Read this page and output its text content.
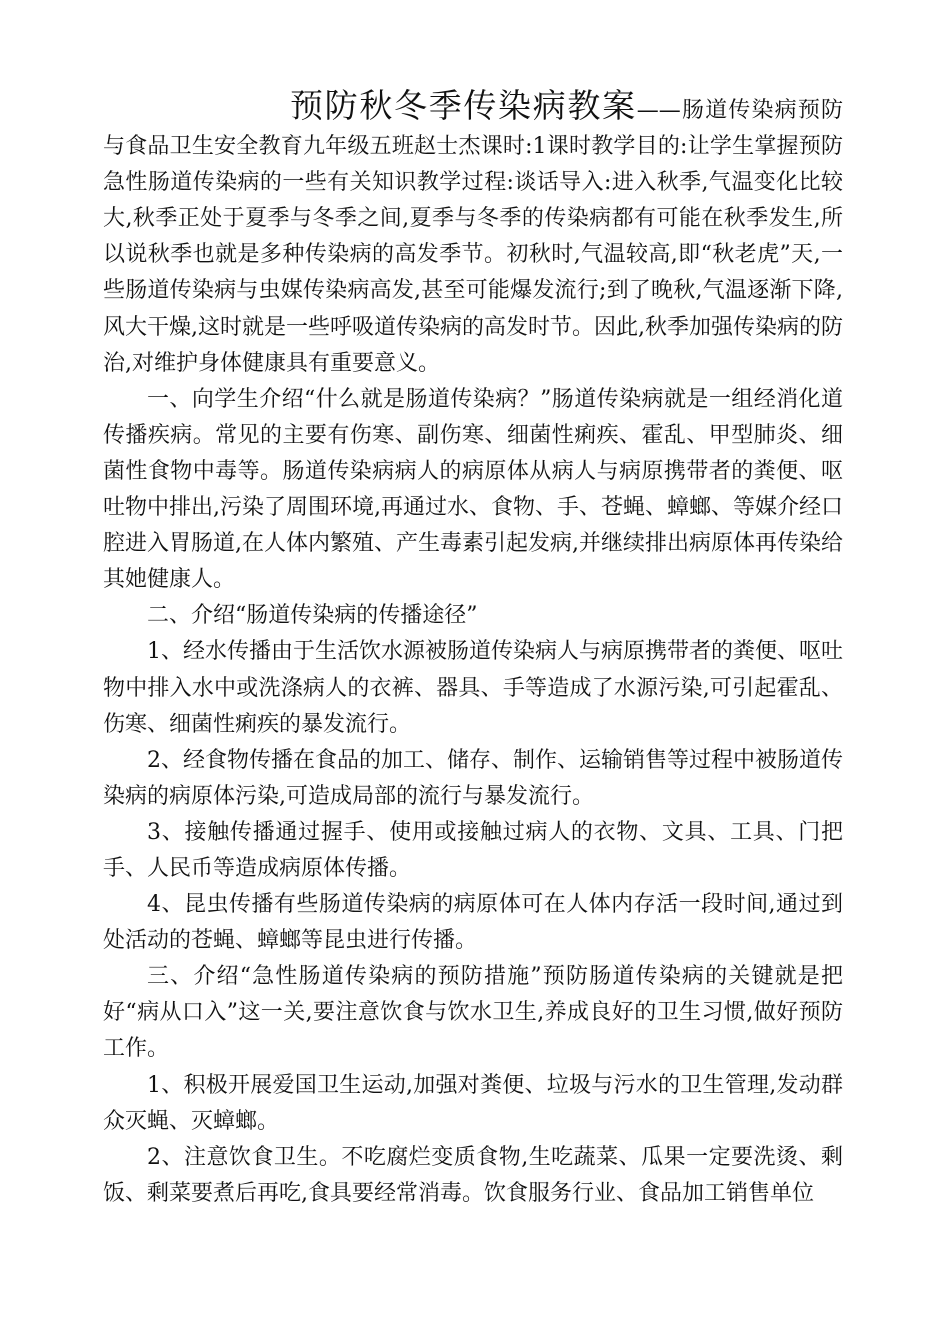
预防秋冬季传染病教案——肠道传染病预防与食品卫生安全教育九年级五班赵士杰课时:1课时教学目的:让学生掌握预防急性肠道传染病的一些有关知识教学过程:谈话导入:进入秋季,气温变化比较大,秋季正处于夏季与冬季之间,夏季与冬季的传染病都有可能在秋季发生,所以说秋季也就是多种传染病的高发季节。初秋时,气温较高,即“秋老虎”天,一些肠道传染病与虫媒传染病高发,甚至可能爆发流行;到了晚秋,气温逐渐下降,风大干燥,这时就是一些呼吸道传染病的高发时节。因此,秋季加强传染病的防治,对维护身体健康具有重要意义。

一、向学生介绍“什么就是肠道传染病？”肠道传染病就是一组经消化道传播疾病。常见的主要有伤寒、副伤寒、细菌性痢疾、霍乱、甲型肺炎、细菌性食物中毒等。肠道传染病病人的病原体从病人与病原携带者的粪便、呕吐物中排出,污染了周围环境,再通过水、食物、手、苍蝇、蟑螂、等媒介经口腔进入胃肠道,在人体内繁殖、产生毒素引起发病,并继续排出病原体再传染给其她健康人。

二、介绍“肠道传染病的传播途径”

1、经水传播由于生活饮水源被肠道传染病人与病原携带者的粪便、呕吐物中排入水中或洗涤病人的衣裤、器具、手等造成了水源污染,可引起霍乱、伤寒、细菌性痢疾的暴发流行。

2、经食物传播在食品的加工、储存、制作、运输销售等过程中被肠道传染病的病原体污染,可造成局部的流行与暴发流行。

3、接触传播通过握手、使用或接触过病人的衣物、文具、工具、门把手、人民币等造成病原体传播。

4、昆虫传播有些肠道传染病的病原体可在人体内存活一段时间,通过到处活动的苍蝇、蟑螂等昆虫进行传播。

三、介绍“急性肠道传染病的预防措施”预防肠道传染病的关键就是把好“病从口入”这一关,要注意饮食与饮水卫生,养成良好的卫生习惯,做好预防工作。

1、积极开展爱国卫生运动,加强对粪便、垃圾与污水的卫生管理,发动群众灭蝇、灭蟑螂。

2、注意饮食卫生。不吃腐烂变质食物,生吃蔬菜、瓜果一定要洗烫、剩饭、剩菜要煮后再吃,食具要经常消毒。饮食服务行业、食品加工销售单位
